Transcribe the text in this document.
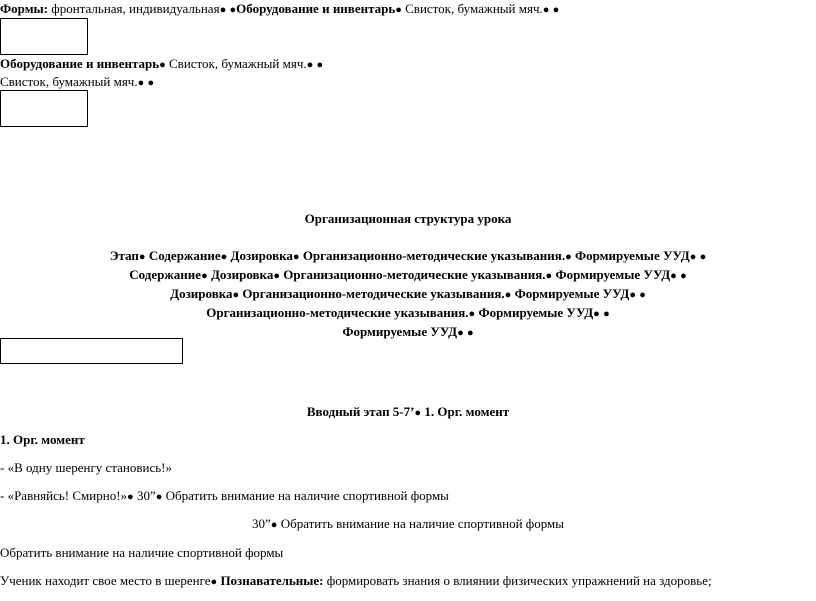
Формы: фронтальная, индивидуальная● ●Оборудование и инвентарь● Свисток, бумажный мяч.● ●
Оборудование и инвентарь● Свисток, бумажный мяч.● ●
Свисток, бумажный мяч.● ●
Организационная структура урока
Этап● Содержание● Дозировка● Организационно-методические указывания.● Формируемые УУД● ●
Содержание● Дозировка● Организационно-методические указывания.● Формируемые УУД● ●
Дозировка● Организационно-методические указывания.● Формируемые УУД● ●
Организационно-методические указывания.● Формируемые УУД● ●
Формируемые УУД● ●
Вводный этап 5-7’● 1. Орг. момент
1. Орг. момент
- «В одну шеренгу становись!»
- «Равняйсь! Смирно!»● 30”● Обратить внимание на наличие спортивной формы
30”● Обратить внимание на наличие спортивной формы
Обратить внимание на наличие спортивной формы
Ученик находит свое место в шеренге● Познавательные: формировать знания о влиянии физических упражнений на здоровье;
